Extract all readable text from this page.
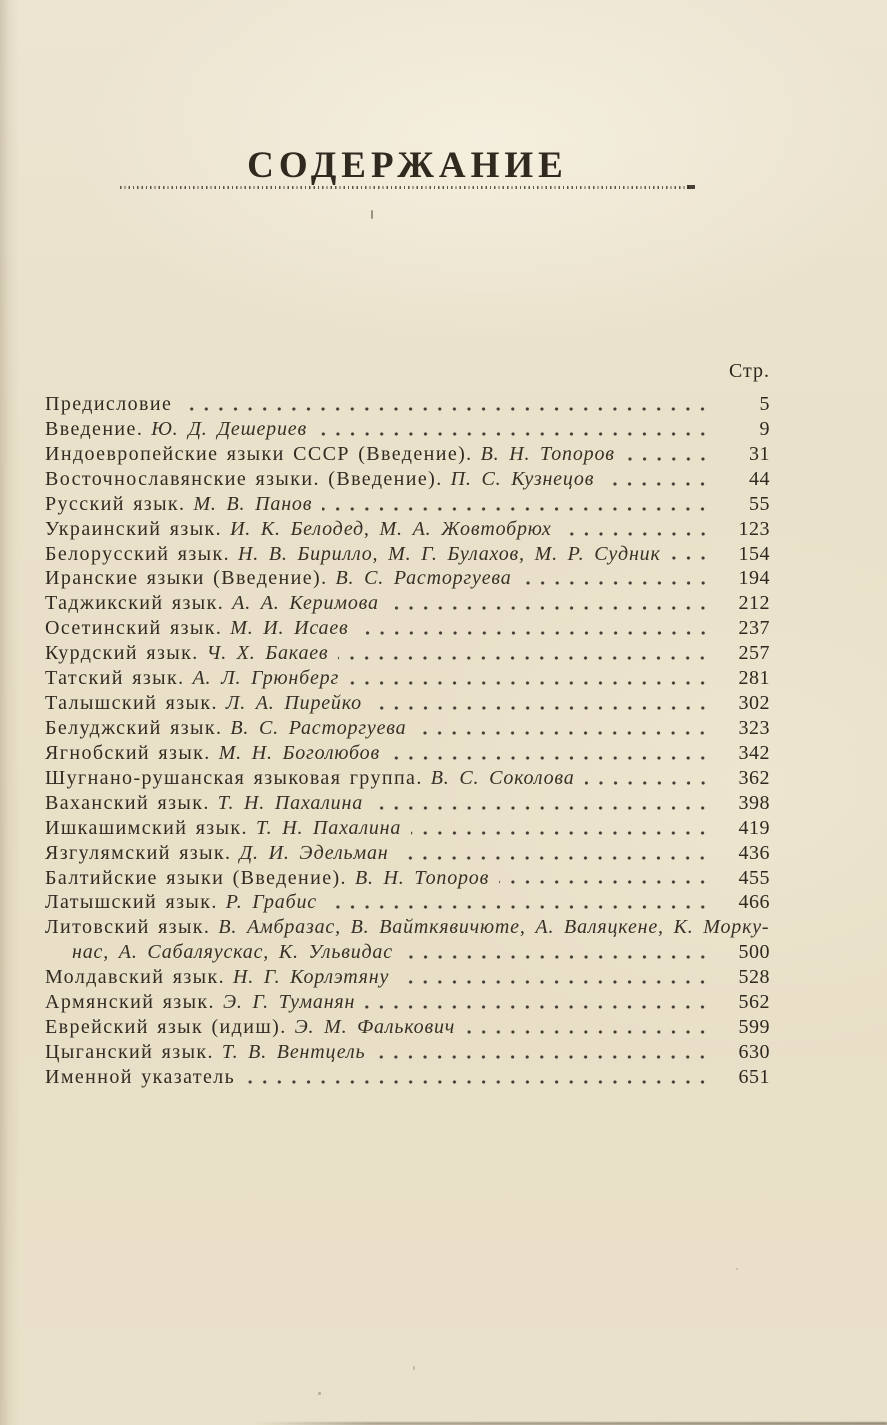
СОДЕРЖАНИЕ
Стр.
Предисловие	5
Введение. Ю. Д. Дешериев	9
Индоевропейские языки СССР (Введение). В. Н. Топоров	31
Восточнославянские языки. (Введение). П. С. Кузнецов	44
Русский язык. М. В. Панов	55
Украинский язык. И. К. Белодед, М. А. Жовтобрюх	123
Белорусский язык. Н. В. Бирилло, М. Г. Булахов, М. Р. Судник	154
Иранские языки (Введение). В. С. Расторгуева	194
Таджикский язык. А. А. Керимова	212
Осетинский язык. М. И. Исаев	237
Курдский язык. Ч. Х. Бакаев	257
Татский язык. А. Л. Грюнберг	281
Талышский язык. Л. А. Пирейко	302
Белуджский язык. В. С. Расторгуева	323
Ягнобский язык. М. Н. Боголюбов	342
Шугнано-рушанская языковая группа. В. С. Соколова	362
Ваханский язык. Т. Н. Пахалина	398
Ишкашимский язык. Т. Н. Пахалина	419
Язгулямский язык. Д. И. Эдельман	436
Балтийские языки (Введение). В. Н. Топоров	455
Латышский язык. Р. Грабис	466
Литовский язык. В. Амбразас, В. Вайткявичюте, А. Валяцкене, К. Морку-
нас, А. Сабаляускас, К. Ульвидас	500
Молдавский язык. Н. Г. Корлэтяну	528
Армянский язык. Э. Г. Туманян	562
Еврейский язык (идиш). Э. М. Фалькович	599
Цыганский язык. Т. В. Вентцель	630
Именной указатель	651
